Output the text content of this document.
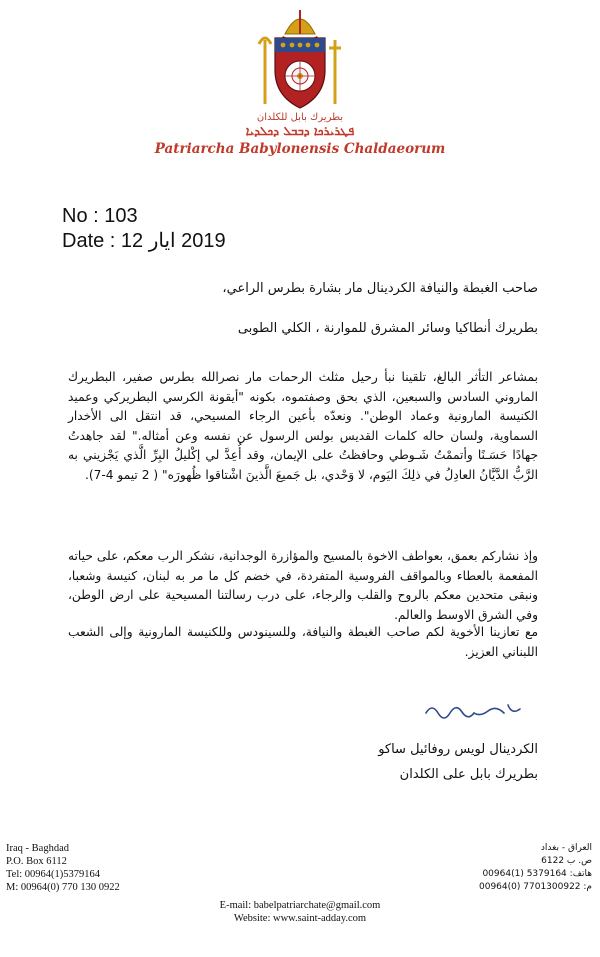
بطريرك بابل للكلدان
ܦܛܪܝܪܟܐ ܕܒܒܠ ܕܟܠܕܝܐ
Patriarcha Babylonensis Chaldaeorum
No : 103
Date : 12 ايار 2019
صاحب الغبطة والنيافة الكردينال مار بشارة بطرس الراعي،
بطريرك أنطاكيا وسائر المشرق للموارنة ، الكلي الطوبى
بمشاعر التأثر البالغ، تلقينا نبأ رحيل مثلث الرحمات مار نصرالله بطرس صفير، البطريرك الماروني السادس والسبعين، الذي بحق وصفتموه، بكونه "أيقونة الكرسي البطريركي وعميد الكنيسة المارونية وعماد الوطن". ونعدّه بأعين الرجاء المسيحي، قد انتقل الى الأخدار السماوية، ولسان حاله كلمات القديس بولس الرسول عن نفسه وعن أمثاله." لقد جاهدتُ جهادًا حَسَـنًا وأتممْتُ شَـوطي وحافظتُ على الإيمان، وقد أُعِدَّ لي إكْليلُ البِرِّ الَّذي يَجْزيني به الرَّبُّ الدَّيَّانُ العادِلُ في ذلِكَ اليَوم، لا وَحْدي، بل جَميعَ الَّذينَ اشْتاقوا ظُهورَه" ( 2 تيمو 4-7).
وإذ نشاركم بعمق، بعواطف الاخوة بالمسيح والمؤازرة الوجدانية، نشكر الرب معكم، على حياته المفعمة بالعطاء وبالمواقف الفروسية المتفردة، في خضم كل ما مر به لبنان، كنيسة وشعبا، ونبقى متحدين معكم بالروح والقلب والرجاء، على درب رسالتنا المسيحية على ارض الوطن، وفي الشرق الاوسط والعالم.
مع تعازينا الأخوية لكم صاحب الغبطة والنيافة، وللسينودس وللكنيسة المارونية وإلى الشعب اللبناني العزيز.
الكردينال لويس روفائيل ساكو
بطريرك بابل على الكلدان
Iraq - Baghdad
P.O. Box 6112
Tel: 00964(1)5379164
M: 00964(0) 770 130 0922
العراق - بغداد
ص. ب 6122
هاتف: 5379164 (1)00964
م: 7701300922 (0)00964
E-mail: babelpatriarchate@gmail.com
Website: www.saint-adday.com
